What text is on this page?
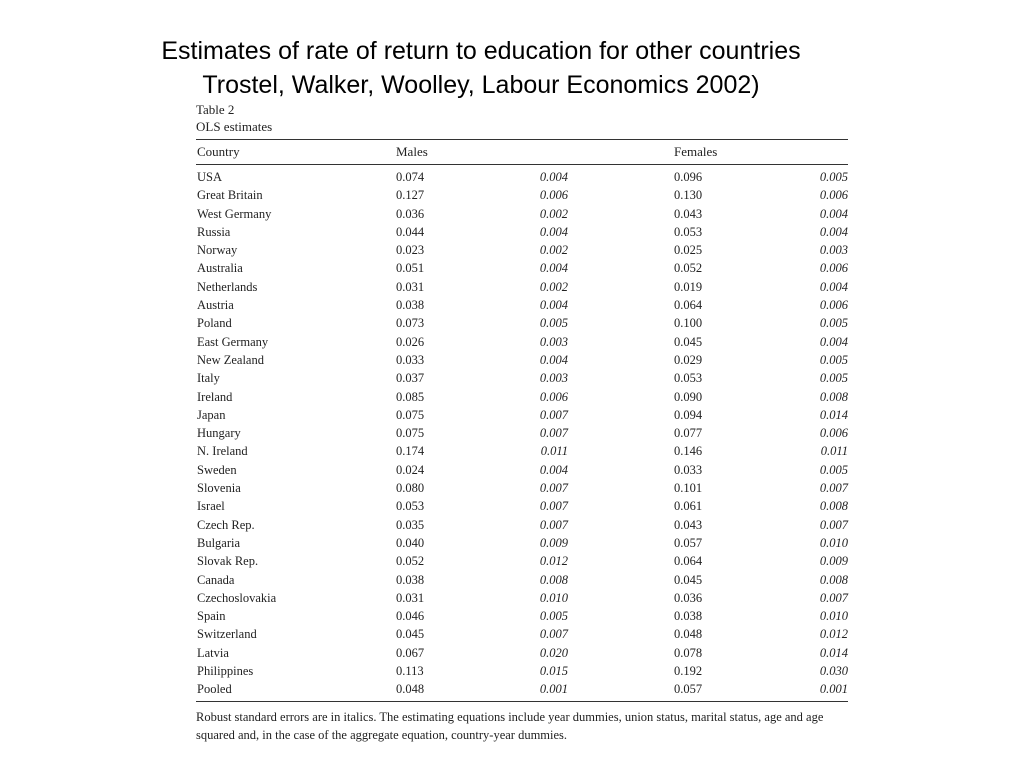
Estimates of rate of return to education for other countries
Trostel, Walker, Woolley, Labour Economics 2002)
Table 2
OLS estimates
Country	Males	Females
USA	0.074	0.004	0.096	0.005
Great Britain	0.127	0.006	0.130	0.006
West Germany	0.036	0.002	0.043	0.004
Russia	0.044	0.004	0.053	0.004
Norway	0.023	0.002	0.025	0.003
Australia	0.051	0.004	0.052	0.006
Netherlands	0.031	0.002	0.019	0.004
Austria	0.038	0.004	0.064	0.006
Poland	0.073	0.005	0.100	0.005
East Germany	0.026	0.003	0.045	0.004
New Zealand	0.033	0.004	0.029	0.005
Italy	0.037	0.003	0.053	0.005
Ireland	0.085	0.006	0.090	0.008
Japan	0.075	0.007	0.094	0.014
Hungary	0.075	0.007	0.077	0.006
N. Ireland	0.174	0.011	0.146	0.011
Sweden	0.024	0.004	0.033	0.005
Slovenia	0.080	0.007	0.101	0.007
Israel	0.053	0.007	0.061	0.008
Czech Rep.	0.035	0.007	0.043	0.007
Bulgaria	0.040	0.009	0.057	0.010
Slovak Rep.	0.052	0.012	0.064	0.009
Canada	0.038	0.008	0.045	0.008
Czechoslovakia	0.031	0.010	0.036	0.007
Spain	0.046	0.005	0.038	0.010
Switzerland	0.045	0.007	0.048	0.012
Latvia	0.067	0.020	0.078	0.014
Philippines	0.113	0.015	0.192	0.030
Pooled	0.048	0.001	0.057	0.001
Robust standard errors are in italics. The estimating equations include year dummies, union status, marital status, age and age squared and, in the case of the aggregate equation, country-year dummies.
